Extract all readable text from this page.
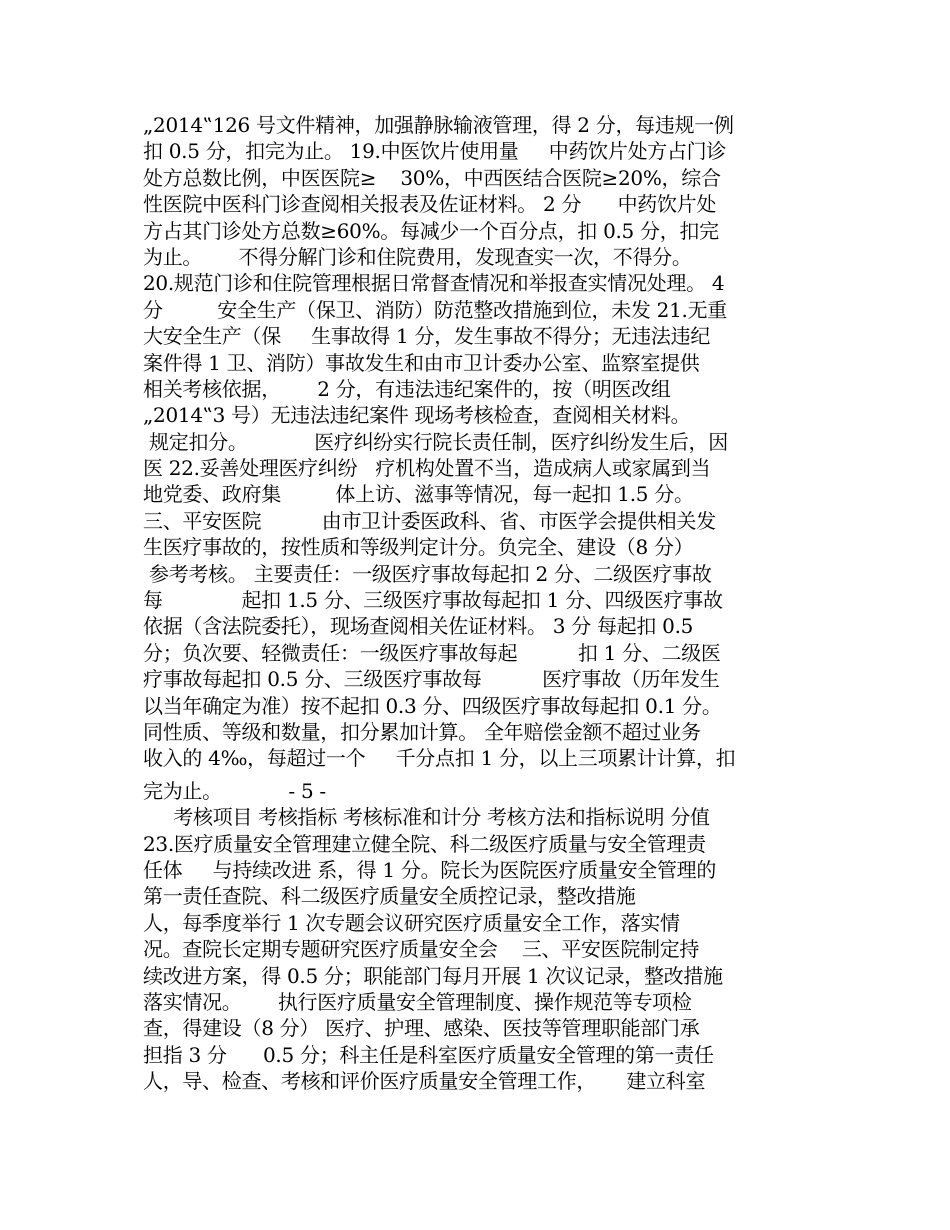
„2014‟126 号文件精神，加强静脉输液管理，得 2 分，每违规一例
扣 0.5 分，扣完为止。 19.中医饮片使用量     中药饮片处方占门诊
处方总数比例，中医医院≥    30%，中西医结合医院≥20%，综合
性医院中医科门诊查阅相关报表及佐证材料。 2 分      中药饮片处
方占其门诊处方总数≥60%。每减少一个百分点，扣 0.5 分，扣完
为止。      不得分解门诊和住院费用，发现查实一次，不得分。
20.规范门诊和住院管理根据日常督查情况和举报查实情况处理。 4
分         安全生产（保卫、消防）防范整改措施到位，未发 21.无重
大安全生产（保     生事故得 1 分，发生事故不得分；无违法违纪
案件得 1 卫、消防）事故发生和由市卫计委办公室、监察室提供
相关考核依据，      2 分，有违法违纪案件的，按（明医改组
„2014‟3 号）无违法违纪案件 现场考核检查，查阅相关材料。
规定扣分。           医疗纠纷实行院长责任制，医疗纠纷发生后，因
医 22.妥善处理医疗纠纷   疗机构处置不当，造成病人或家属到当
地党委、政府集         体上访、滋事等情况，每一起扣 1.5 分。
三、平安医院          由市卫计委医政科、省、市医学会提供相关发
生医疗事故的，按性质和等级判定计分。负完全、建设（8 分）
参考考核。 主要责任：一级医疗事故每起扣 2 分、二级医疗事故
每             起扣 1.5 分、三级医疗事故每起扣 1 分、四级医疗事故
依据（含法院委托），现场查阅相关佐证材料。 3 分 每起扣 0.5
分；负次要、轻微责任：一级医疗事故每起          扣 1 分、二级医
疗事故每起扣 0.5 分、三级医疗事故每          医疗事故（历年发生
以当年确定为准）按不起扣 0.3 分、四级医疗事故每起扣 0.1 分。
同性质、等级和数量，扣分累加计算。 全年赔偿金额不超过业务
收入的 4‰，每超过一个     千分点扣 1 分，以上三项累计计算，扣
完为止。           - 5 -
考核项目 考核指标 考核标准和计分 考核方法和指标说明 分值
23.医疗质量安全管理建立健全院、科二级医疗质量与安全管理责
任体     与持续改进 系，得 1 分。院长为医院医疗质量安全管理的
第一责任查院、科二级医疗质量安全质控记录，整改措施
人，每季度举行 1 次专题会议研究医疗质量安全工作，落实情
况。查院长定期专题研究医疗质量安全会    三、平安医院制定持
续改进方案，得 0.5 分；职能部门每月开展 1 次议记录，整改措施
落实情况。      执行医疗质量安全管理制度、操作规范等专项检
查，得建设（8 分） 医疗、护理、感染、医技等管理职能部门承
担指 3 分      0.5 分；科主任是科室医疗质量安全管理的第一责任
人，导、检查、考核和评价医疗质量安全管理工作，     建立科室
